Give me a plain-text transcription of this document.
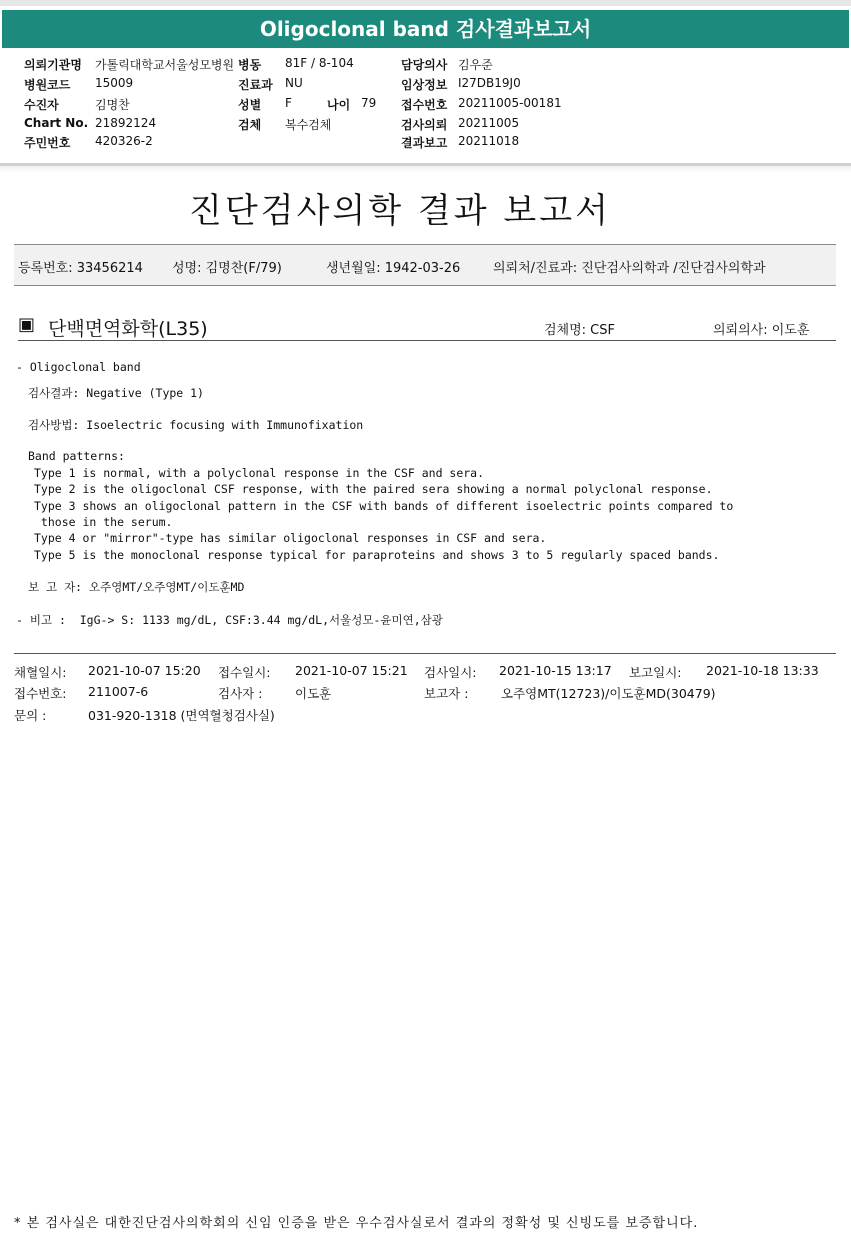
Oligoclonal band 검사결과보고서
의뢰기관명 가톨릭대학교서울성모병원 병동 81F / 8-104	담당의사 김우준
병원코드 15009	진료과 NU	임상정보 I27DB19J0
수진자	김명찬	성별 F	나이 79 접수번호 20211005-00181
Chart No. 21892124	검체 복수검체	검사의뢰 20211005
주민번호 420326-2	결과보고 20211018
진단검사의학 결과 보고서
등록번호: 33456214 성명: 김명찬(F/79)	생년월일: 1942-03-26	의뢰처/진료과: 진단검사의학과 /진단검사의학과
▣ 단백면역화학(L35)	검체명: CSF	의뢰의사: 이도훈
- Oligoclonal band
검사결과: Negative (Type 1)
검사방법: Isoelectric focusing with Immunofixation
Band patterns:
Type 1 is normal, with a polyclonal response in the CSF and sera.
Type 2 is the oligoclonal CSF response, with the paired sera showing a normal polyclonal response.
Type 3 shows an oligoclonal pattern in the CSF with bands of different isoelectric points compared to
those in the serum.
Type 4 or "mirror"-type has similar oligoclonal responses in CSF and sera.
Type 5 is the monoclonal response typical for paraproteins and shows 3 to 5 regularly spaced bands.
보 고 자: 오주영MT/오주영MT/이도훈MD
- 비고 :  IgG-> S: 1133 mg/dL, CSF:3.44 mg/dL,서울성모-윤미연,삼광
채혈일시: 2021-10-07 15:20 접수일시: 2021-10-07 15:21 검사일시: 2021-10-15 13:17 보고일시: 2021-10-18 13:33
접수번호: 211007-6	검사자 :	이도훈	보고자 :	오주영MT(12723)/이도훈MD(30479)
문의 :	031-920-1318 (면역혈청검사실)
* 본 검사실은 대한진단검사의학회의 신임 인증을 받은 우수검사실로서 결과의 정확성 및 신빙도를 보증합니다.
